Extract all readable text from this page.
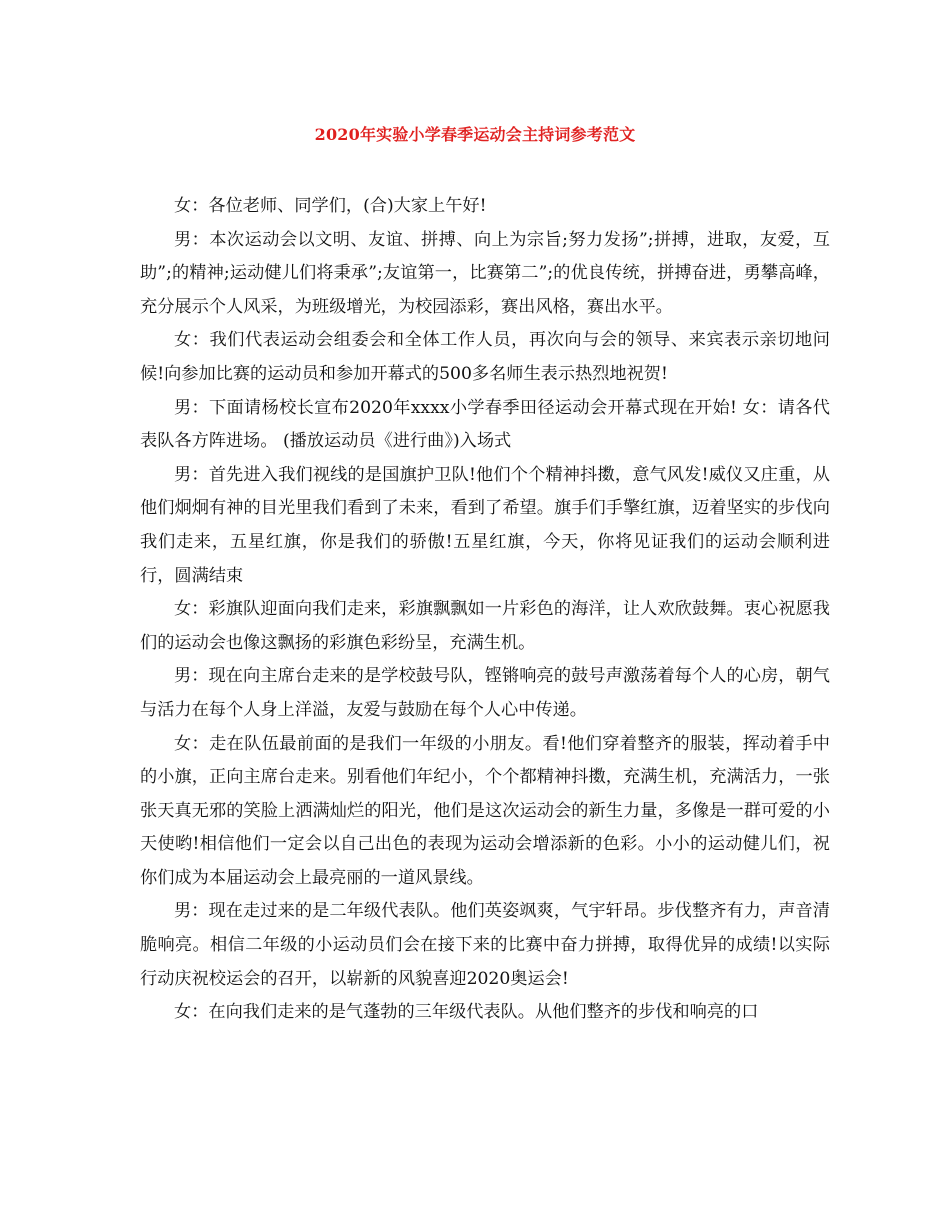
2020年实验小学春季运动会主持词参考范文

女：各位老师、同学们，(合)大家上午好!

男：本次运动会以文明、友谊、拼搏、向上为宗旨;努力发扬”;拼搏，进取，友爱，互助”;的精神;运动健儿们将秉承”;友谊第一，比赛第二”;的优良传统，拼搏奋进，勇攀高峰，充分展示个人风采，为班级增光，为校园添彩，赛出风格，赛出水平。

女：我们代表运动会组委会和全体工作人员，再次向与会的领导、来宾表示亲切地问候!向参加比赛的运动员和参加开幕式的500多名师生表示热烈地祝贺!

男：下面请杨校长宣布2020年xxxx小学春季田径运动会开幕式现在开始! 女：请各代表队各方阵进场。 (播放运动员《进行曲》)入场式

男：首先进入我们视线的是国旗护卫队!他们个个精神抖擞，意气风发!威仪又庄重，从他们炯炯有神的目光里我们看到了未来，看到了希望。旗手们手擎红旗，迈着坚实的步伐向我们走来，五星红旗，你是我们的骄傲!五星红旗，今天，你将见证我们的运动会顺利进行，圆满结束

女：彩旗队迎面向我们走来，彩旗飘飘如一片彩色的海洋，让人欢欣鼓舞。衷心祝愿我们的运动会也像这飘扬的彩旗色彩纷呈，充满生机。

男：现在向主席台走来的是学校鼓号队，铿锵响亮的鼓号声激荡着每个人的心房，朝气与活力在每个人身上洋溢，友爱与鼓励在每个人心中传递。

女：走在队伍最前面的是我们一年级的小朋友。看!他们穿着整齐的服装，挥动着手中的小旗，正向主席台走来。别看他们年纪小，个个都精神抖擞，充满生机，充满活力，一张张天真无邪的笑脸上洒满灿烂的阳光，他们是这次运动会的新生力量，多像是一群可爱的小天使哟!相信他们一定会以自己出色的表现为运动会增添新的色彩。小小的运动健儿们，祝你们成为本届运动会上最亮丽的一道风景线。

男：现在走过来的是二年级代表队。他们英姿飒爽，气宇轩昂。步伐整齐有力，声音清脆响亮。相信二年级的小运动员们会在接下来的比赛中奋力拼搏，取得优异的成绩!以实际行动庆祝校运会的召开，以崭新的风貌喜迎2020奥运会!

女：在向我们走来的是气蓬勃的三年级代表队。从他们整齐的步伐和响亮的口
